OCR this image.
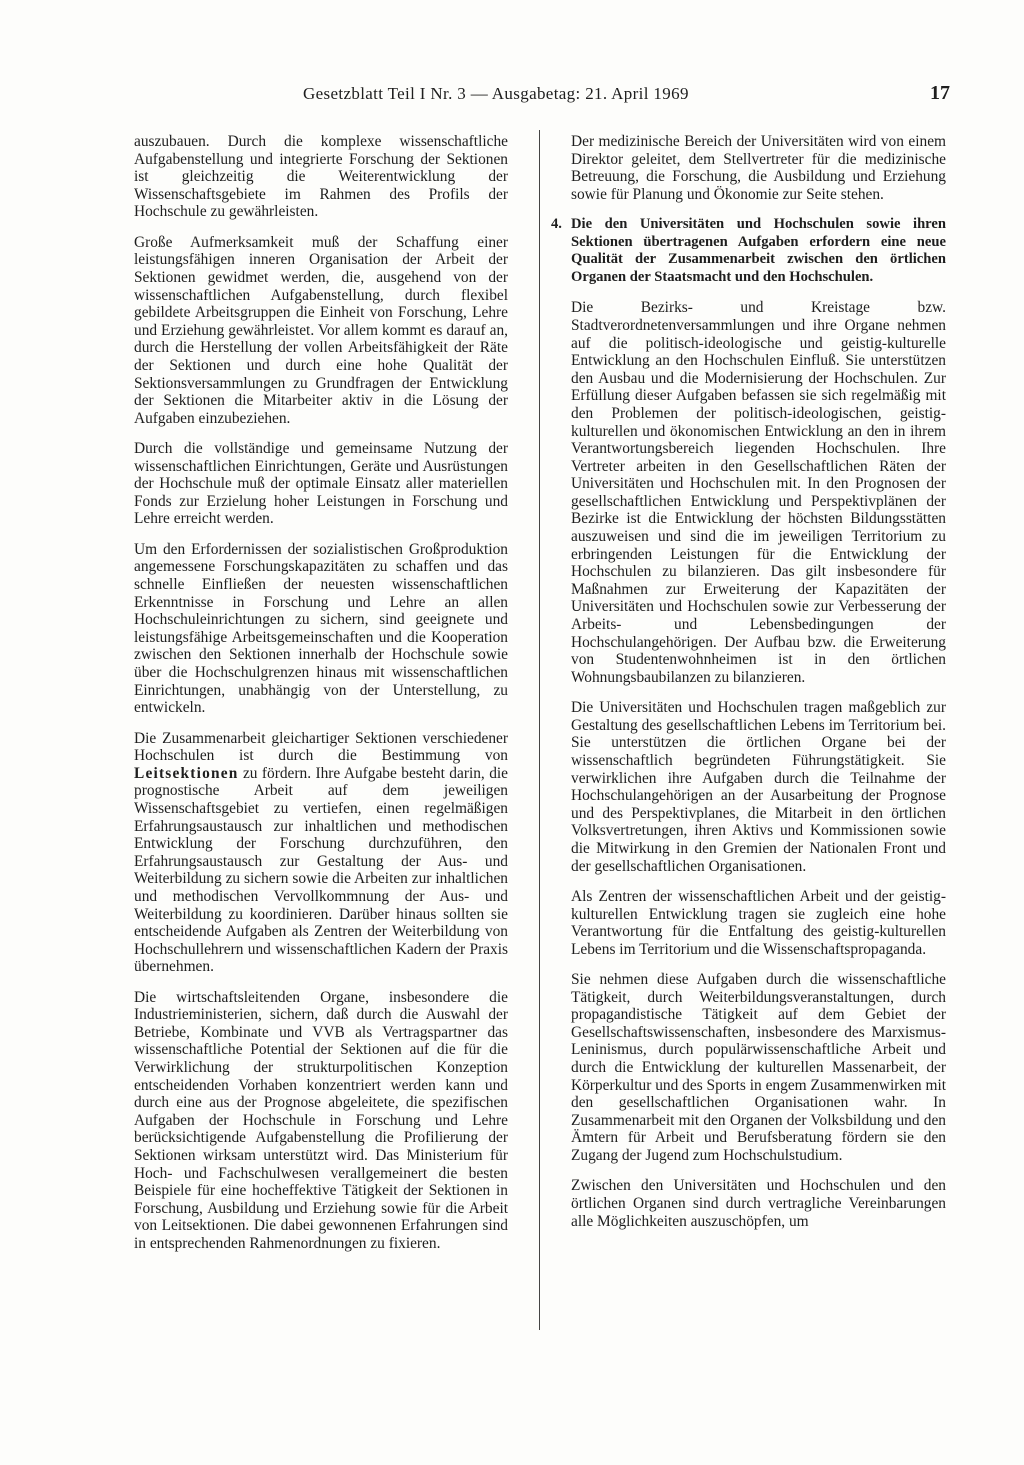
Gesetzblatt Teil I Nr. 3 — Ausgabetag: 21. April 1969	17

auszubauen. Durch die komplexe wissenschaftliche Aufgabenstellung und integrierte Forschung der Sektionen ist gleichzeitig die Weiterentwicklung der Wissenschaftsgebiete im Rahmen des Profils der Hochschule zu gewährleisten.

Große Aufmerksamkeit muß der Schaffung einer leistungsfähigen inneren Organisation der Arbeit der Sektionen gewidmet werden, die, ausgehend von der wissenschaftlichen Aufgabenstellung, durch flexibel gebildete Arbeitsgruppen die Einheit von Forschung, Lehre und Erziehung gewährleistet. Vor allem kommt es darauf an, durch die Herstellung der vollen Arbeitsfähigkeit der Räte der Sektionen und durch eine hohe Qualität der Sektionsversammlungen zu Grundfragen der Entwicklung der Sektionen die Mitarbeiter aktiv in die Lösung der Aufgaben einzubeziehen.

Durch die vollständige und gemeinsame Nutzung der wissenschaftlichen Einrichtungen, Geräte und Ausrüstungen der Hochschule muß der optimale Einsatz aller materiellen Fonds zur Erzielung hoher Leistungen in Forschung und Lehre erreicht werden.

Um den Erfordernissen der sozialistischen Großproduktion angemessene Forschungskapazitäten zu schaffen und das schnelle Einfließen der neuesten wissenschaftlichen Erkenntnisse in Forschung und Lehre an allen Hochschuleinrichtungen zu sichern, sind geeignete und leistungsfähige Arbeitsgemeinschaften und die Kooperation zwischen den Sektionen innerhalb der Hochschule sowie über die Hochschulgrenzen hinaus mit wissenschaftlichen Einrichtungen, unabhängig von der Unterstellung, zu entwickeln.

Die Zusammenarbeit gleichartiger Sektionen verschiedener Hochschulen ist durch die Bestimmung von Leitsektionen zu fördern. Ihre Aufgabe besteht darin, die prognostische Arbeit auf dem jeweiligen Wissenschaftsgebiet zu vertiefen, einen regelmäßigen Erfahrungsaustausch zur inhaltlichen und methodischen Entwicklung der Forschung durchzuführen, den Erfahrungsaustausch zur Gestaltung der Aus- und Weiterbildung zu sichern sowie die Arbeiten zur inhaltlichen und methodischen Vervollkommnung der Aus- und Weiterbildung zu koordinieren. Darüber hinaus sollten sie entscheidende Aufgaben als Zentren der Weiterbildung von Hochschullehrern und wissenschaftlichen Kadern der Praxis übernehmen.

Die wirtschaftsleitenden Organe, insbesondere die Industrieministerien, sichern, daß durch die Auswahl der Betriebe, Kombinate und VVB als Vertragspartner das wissenschaftliche Potential der Sektionen auf die für die Verwirklichung der strukturpolitischen Konzeption entscheidenden Vorhaben konzentriert werden kann und durch eine aus der Prognose abgeleitete, die spezifischen Aufgaben der Hochschule in Forschung und Lehre berücksichtigende Aufgabenstellung die Profilierung der Sektionen wirksam unterstützt wird. Das Ministerium für Hoch- und Fachschulwesen verallgemeinert die besten Beispiele für eine hocheffektive Tätigkeit der Sektionen in Forschung, Ausbildung und Erziehung sowie für die Arbeit von Leitsektionen. Die dabei gewonnenen Erfahrungen sind in entsprechenden Rahmenordnungen zu fixieren.

Der medizinische Bereich der Universitäten wird von einem Direktor geleitet, dem Stellvertreter für die medizinische Betreuung, die Forschung, die Ausbildung und Erziehung sowie für Planung und Ökonomie zur Seite stehen.

4. Die den Universitäten und Hochschulen sowie ihren Sektionen übertragenen Aufgaben erfordern eine neue Qualität der Zusammenarbeit zwischen den örtlichen Organen der Staatsmacht und den Hochschulen.

Die Bezirks- und Kreistage bzw. Stadtverordnetenversammlungen und ihre Organe nehmen auf die politisch-ideologische und geistig-kulturelle Entwicklung an den Hochschulen Einfluß. Sie unterstützen den Ausbau und die Modernisierung der Hochschulen. Zur Erfüllung dieser Aufgaben befassen sie sich regelmäßig mit den Problemen der politisch-ideologischen, geistig-kulturellen und ökonomischen Entwicklung an den in ihrem Verantwortungsbereich liegenden Hochschulen. Ihre Vertreter arbeiten in den Gesellschaftlichen Räten der Universitäten und Hochschulen mit. In den Prognosen der gesellschaftlichen Entwicklung und Perspektivplänen der Bezirke ist die Entwicklung der höchsten Bildungsstätten auszuweisen und sind die im jeweiligen Territorium zu erbringenden Leistungen für die Entwicklung der Hochschulen zu bilanzieren. Das gilt insbesondere für Maßnahmen zur Erweiterung der Kapazitäten der Universitäten und Hochschulen sowie zur Verbesserung der Arbeits- und Lebensbedingungen der Hochschulangehörigen. Der Aufbau bzw. die Erweiterung von Studentenwohnheimen ist in den örtlichen Wohnungsbaubilanzen zu bilanzieren.

Die Universitäten und Hochschulen tragen maßgeblich zur Gestaltung des gesellschaftlichen Lebens im Territorium bei. Sie unterstützen die örtlichen Organe bei der wissenschaftlich begründeten Führungstätigkeit. Sie verwirklichen ihre Aufgaben durch die Teilnahme der Hochschulangehörigen an der Ausarbeitung der Prognose und des Perspektivplanes, die Mitarbeit in den örtlichen Volksvertretungen, ihren Aktivs und Kommissionen sowie die Mitwirkung in den Gremien der Nationalen Front und der gesellschaftlichen Organisationen.

Als Zentren der wissenschaftlichen Arbeit und der geistig-kulturellen Entwicklung tragen sie zugleich eine hohe Verantwortung für die Entfaltung des geistig-kulturellen Lebens im Territorium und die Wissenschaftspropaganda.

Sie nehmen diese Aufgaben durch die wissenschaftliche Tätigkeit, durch Weiterbildungsveranstaltungen, durch propagandistische Tätigkeit auf dem Gebiet der Gesellschaftswissenschaften, insbesondere des Marxismus-Leninismus, durch populärwissenschaftliche Arbeit und durch die Entwicklung der kulturellen Massenarbeit, der Körperkultur und des Sports in engem Zusammenwirken mit den gesellschaftlichen Organisationen wahr. In Zusammenarbeit mit den Organen der Volksbildung und den Ämtern für Arbeit und Berufsberatung fördern sie den Zugang der Jugend zum Hochschulstudium.

Zwischen den Universitäten und Hochschulen und den örtlichen Organen sind durch vertragliche Vereinbarungen alle Möglichkeiten auszuschöpfen, um
